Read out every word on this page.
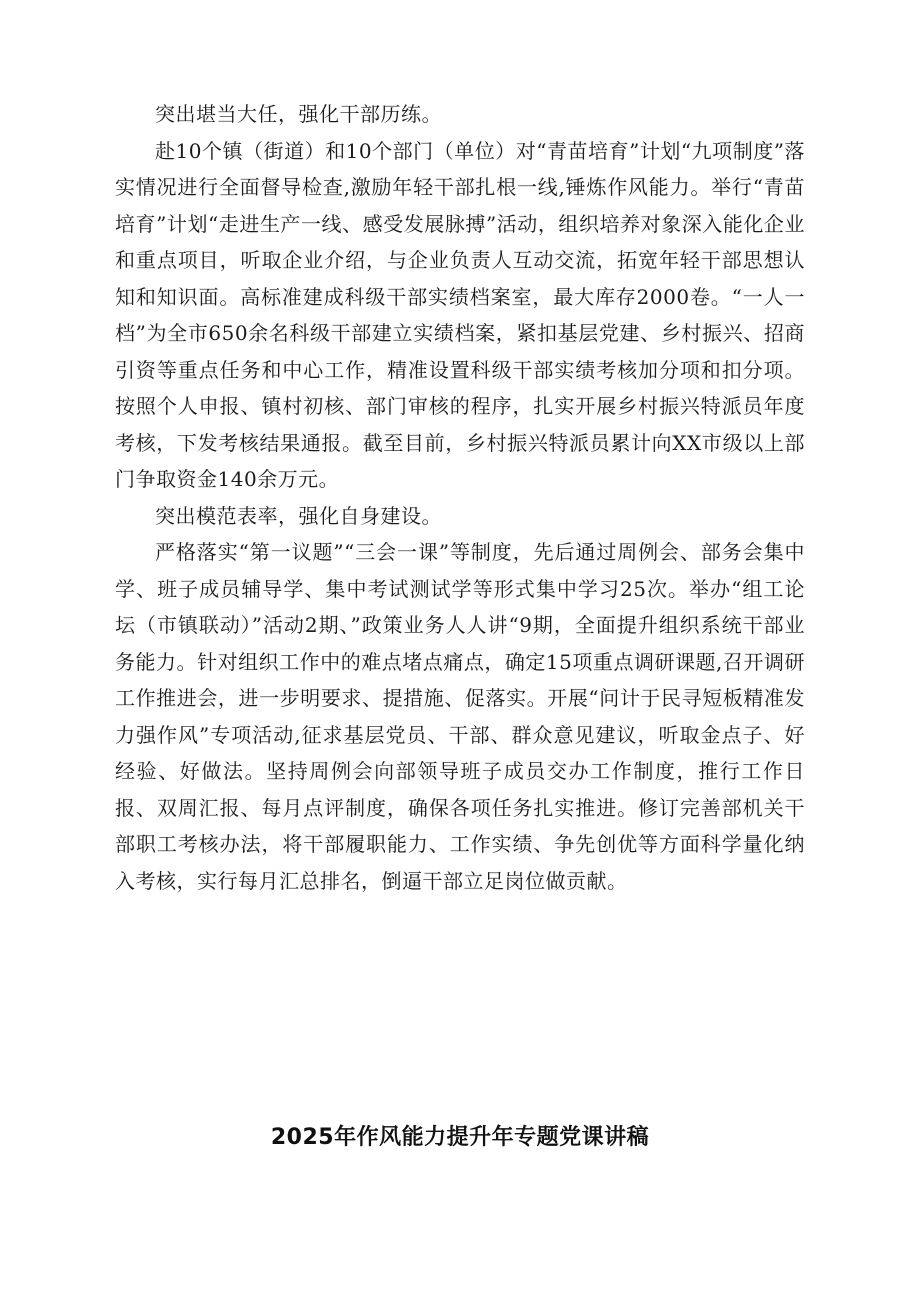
突出堪当大任，强化干部历练。

赴10个镇（街道）和10个部门（单位）对“青苗培育”计划“九项制度”落实情况进行全面督导检查,激励年轻干部扎根一线,锤炼作风能力。举行“青苗培育”计划“走进生产一线、感受发展脉搏”活动，组织培养对象深入能化企业和重点项目，听取企业介绍，与企业负责人互动交流，拓宽年轻干部思想认知和知识面。高标准建成科级干部实绩档案室，最大库存2000卷。“一人一档”为全市650余名科级干部建立实绩档案，紧扣基层党建、乡村振兴、招商引资等重点任务和中心工作，精准设置科级干部实绩考核加分项和扣分项。按照个人申报、镇村初核、部门审核的程序，扎实开展乡村振兴特派员年度考核，下发考核结果通报。截至目前，乡村振兴特派员累计向XX市级以上部门争取资金140余万元。

突出模范表率，强化自身建设。

严格落实“第一议题”“三会一课”等制度，先后通过周例会、部务会集中学、班子成员辅导学、集中考试测试学等形式集中学习25次。举办“组工论坛（市镇联动）”活动2期、”政策业务人人讲“9期，全面提升组织系统干部业务能力。针对组织工作中的难点堵点痛点，确定15项重点调研课题,召开调研工作推进会，进一步明要求、提措施、促落实。开展“问计于民寻短板精准发力强作风”专项活动,征求基层党员、干部、群众意见建议，听取金点子、好经验、好做法。坚持周例会向部领导班子成员交办工作制度，推行工作日报、双周汇报、每月点评制度，确保各项任务扎实推进。修订完善部机关干部职工考核办法，将干部履职能力、工作实绩、争先创优等方面科学量化纳入考核，实行每月汇总排名，倒逼干部立足岗位做贡献。

2025年作风能力提升年专题党课讲稿
